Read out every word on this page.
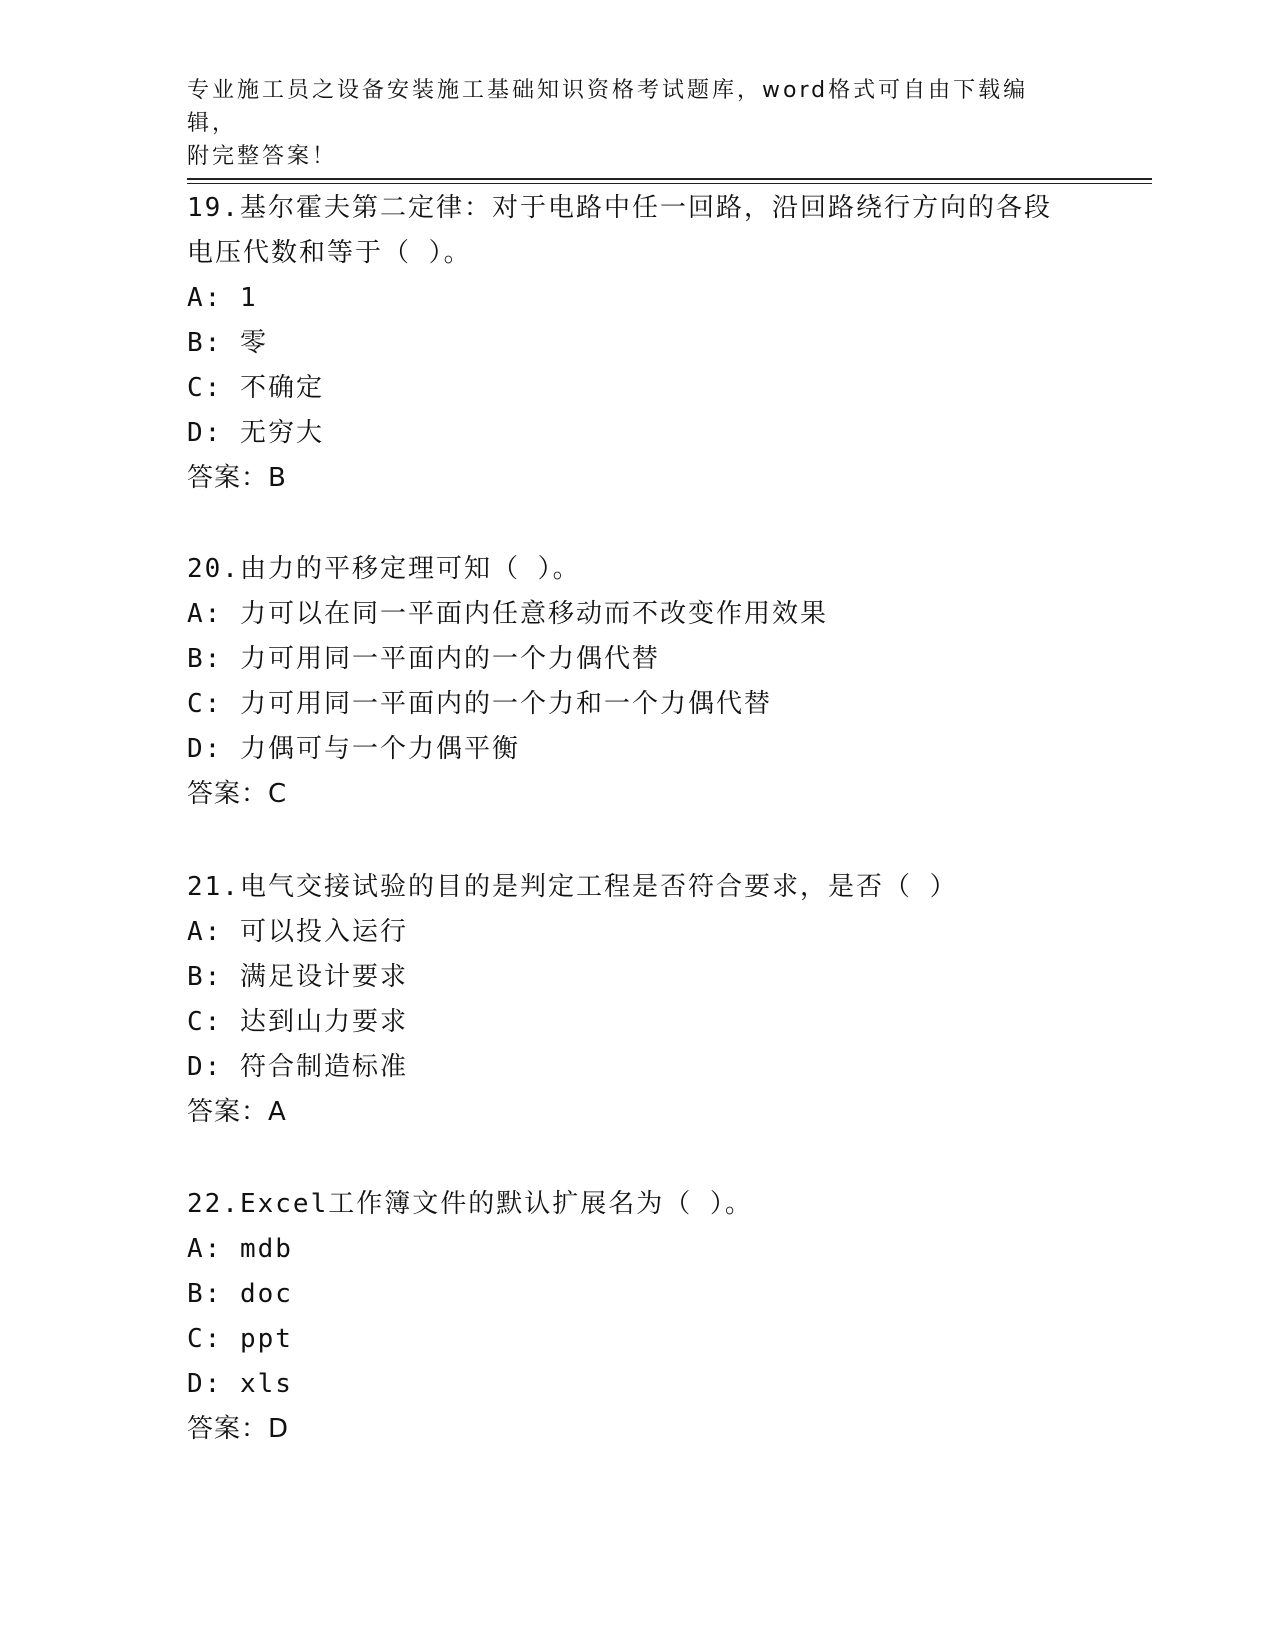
专业施工员之设备安装施工基础知识资格考试题库，word格式可自由下载编辑，
附完整答案！
19.基尔霍夫第二定律：对于电路中任一回路，沿回路绕行方向的各段电压代数和等于（ ）。
A: 1
B: 零
C: 不确定
D: 无穷大
答案：B
20.由力的平移定理可知（ ）。
A: 力可以在同一平面内任意移动而不改变作用效果
B: 力可用同一平面内的一个力偶代替
C: 力可用同一平面内的一个力和一个力偶代替
D: 力偶可与一个力偶平衡
答案：C
21.电气交接试验的目的是判定工程是否符合要求，是否（ ）
A: 可以投入运行
B: 满足设计要求
C: 达到山力要求
D: 符合制造标准
答案：A
22.Excel工作簿文件的默认扩展名为（ ）。
A: mdb
B: doc
C: ppt
D: xls
答案：D
